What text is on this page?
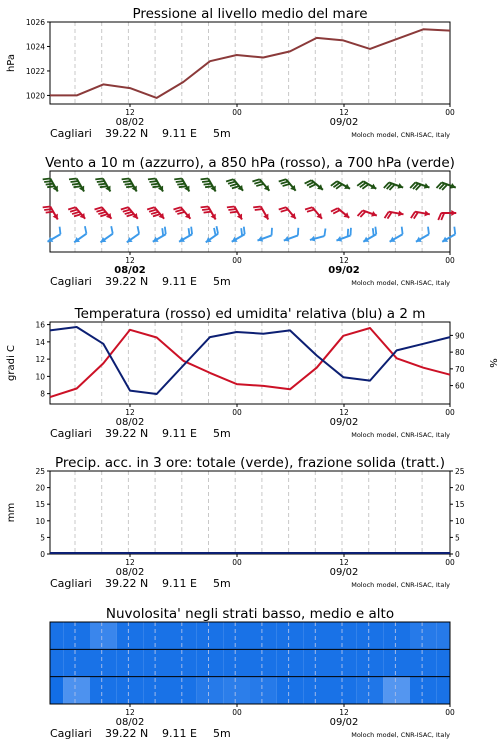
Pressione al livello medio del mare
12	00	12	00
08/02	09/02
Cagliari 39.22 N 9.11 E 5m	Moloch model, CNR-ISAC, Italy
1020
1022
1024
1026
hPa
Vento a 10 m (azzurro), a 850 hPa (rosso), a 700 hPa (verde)
12	00	12	00
08/02	09/02
Cagliari 39.22 N 9.11 E 5m	Moloch model, CNR-ISAC, Italy
Temperatura (rosso) ed umidita' relativa (blu) a 2 m
12	00	12	00
08/02	09/02
Cagliari 39.22 N 9.11 E 5m	Moloch model, CNR-ISAC, Italy
8
10
12
14
16
60
70
80
90
gradi C	%
Precip. acc. in 3 ore: totale (verde), frazione solida (tratt.)
12	00	12	00
08/02	09/02
Cagliari 39.22 N 9.11 E 5m	Moloch model, CNR-ISAC, Italy
0
5
10
15
20
25
0
5
10
15
20
25
mm
Nuvolosita' negli strati basso, medio e alto
12	00	12	00
08/02	09/02
Cagliari 39.22 N 9.11 E 5m	Moloch model, CNR-ISAC, Italy
